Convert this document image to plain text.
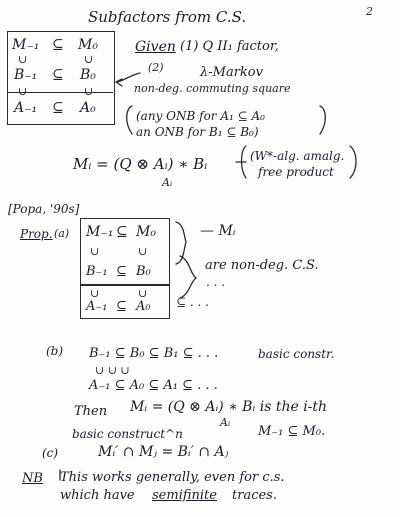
2
Subfactors from C.S.
M₋₁ ⊆ M₀
∪	∪
B₋₁ ⊆ B₀
∪	∪
A₋₁ ⊆ A₀
Given (1) Q II₁ factor,
(2)	λ-Markov
non-deg. commuting square
(any ONB for A₁ ⊆ A₀
an ONB for B₁ ⊆ B₀)
Mᵢ = (Q ⊗ Aᵢ) ∗ Bᵢ
Aᵢ
(W*-alg. amalg.
free product
[Popa, '90s]
Prop. (a) M₋₁ ⊆ M₀
∪	∪
B₋₁ ⊆ B₀
∪	∪
A₋₁ ⊆ A₀
— Mᵢ
are non-deg. C.S.
⊆ . . .
. . .
(b) B₋₁ ⊆ B₀ ⊆ B₁ ⊆ . . .
∪ ∪ ∪
A₋₁ ⊆ A₀ ⊆ A₁ ⊆ . . .
basic constr.
Then Mᵢ = (Q ⊗ Aᵢ) ∗ Bᵢ is the i-th
Aᵢ
basic construct^n	M₋₁ ⊆ M₀.
(c)	Mᵢ′ ∩ Mⱼ = Bᵢ′ ∩ Aⱼ
NB This works generally, even for c.s.
which have semifinite traces.
